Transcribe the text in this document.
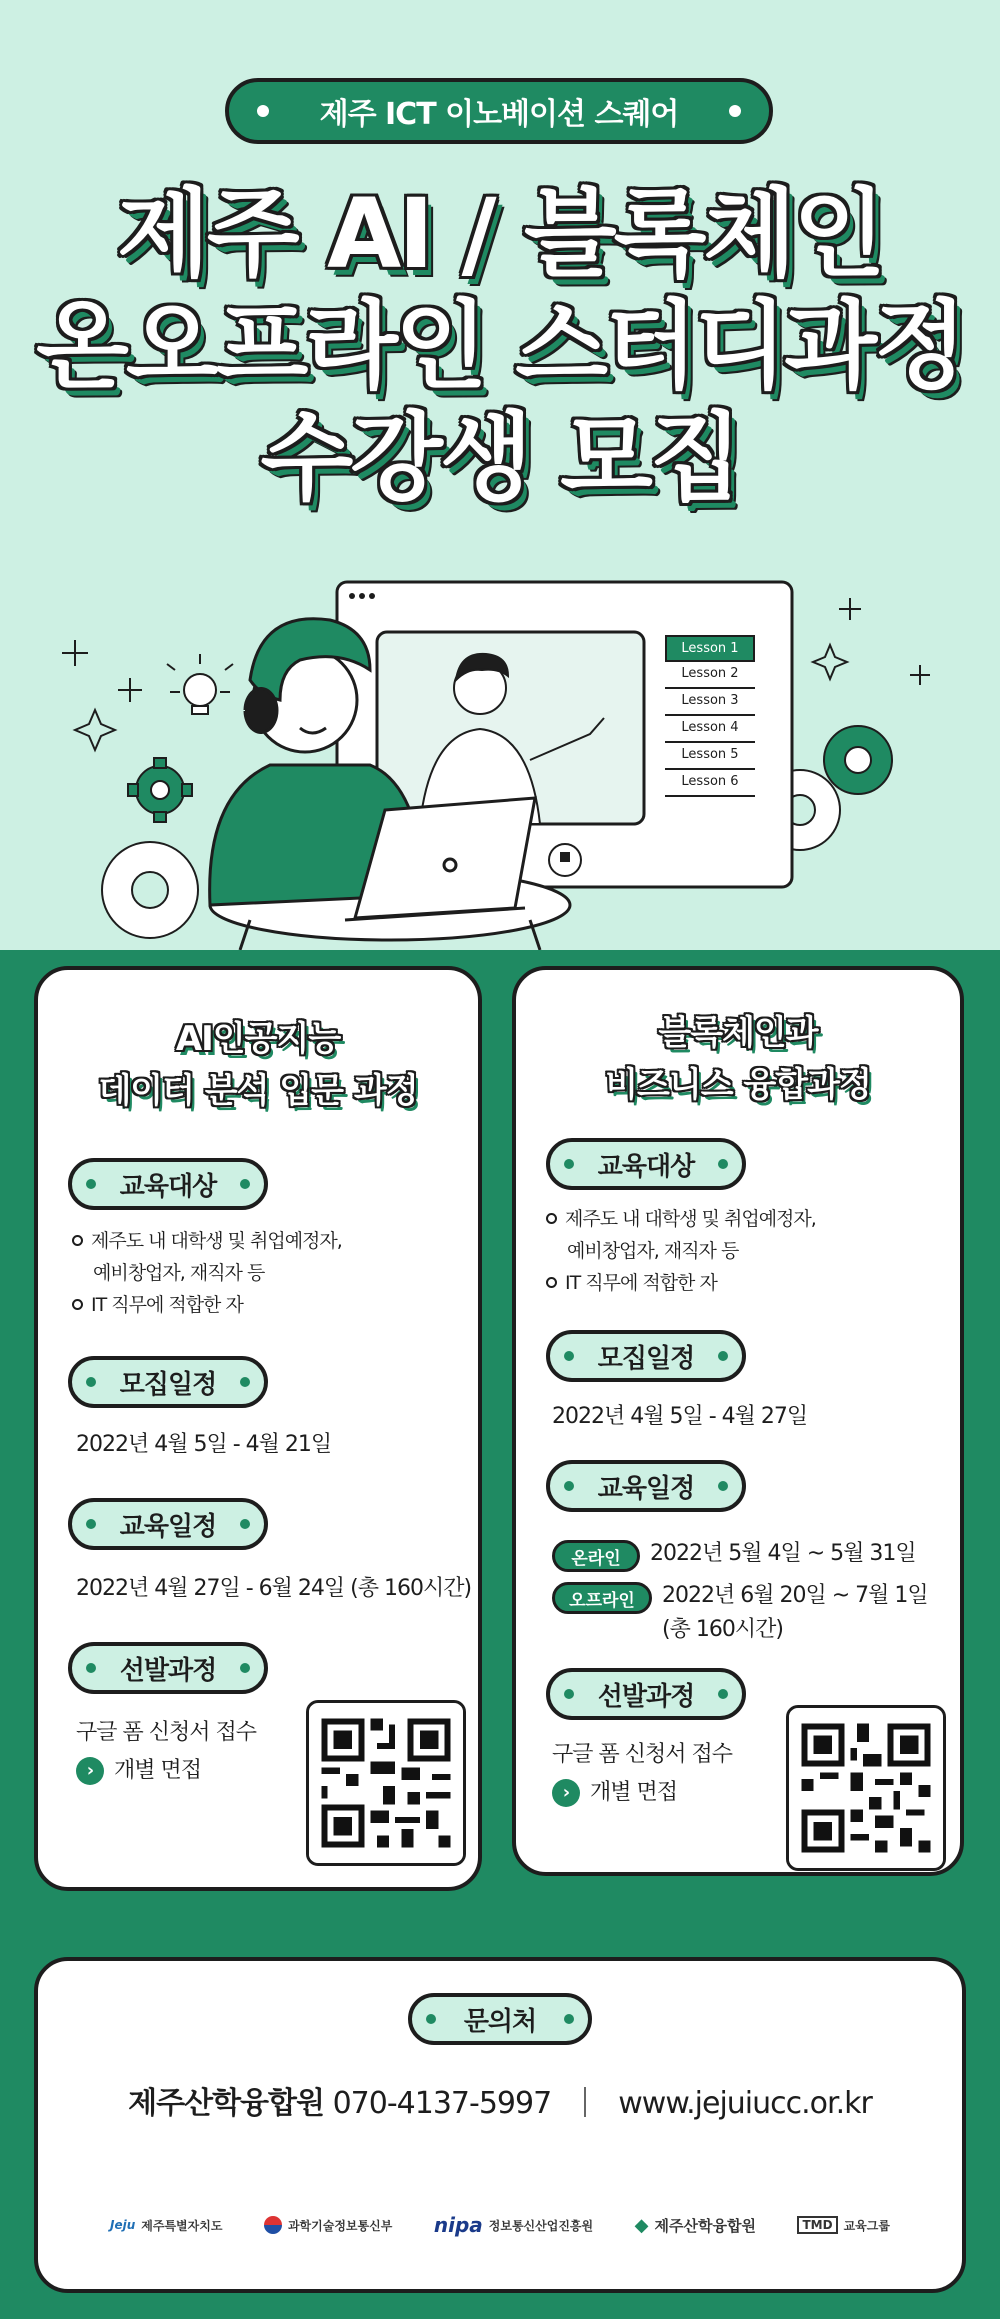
제주 ICT 이노베이션 스퀘어
제주 AI / 블록체인
온오프라인 스터디과정
수강생 모집
Lesson 1
Lesson 2
Lesson 3
Lesson 4
Lesson 5
Lesson 6
AI인공지능
데이터 분석 입문 과정
교육대상
제주도 내 대학생 및 취업예정자,
예비창업자, 재직자 등
IT 직무에 적합한 자
모집일정
2022년 4월 5일 - 4월 21일
교육일정
2022년 4월 27일 - 6월 24일 (총 160시간)
선발과정
구글 폼 신청서 접수
› 개별 면접
블록체인과
비즈니스 융합과정
교육대상
제주도 내 대학생 및 취업예정자,
예비창업자, 재직자 등
IT 직무에 적합한 자
모집일정
2022년 4월 5일 - 4월 27일
교육일정
온라인	2022년 5월 4일 ~ 5월 31일
오프라인	2022년 6월 20일 ~ 7월 1일
(총 160시간)
선발과정
구글 폼 신청서 접수
› 개별 면접
문의처
제주산학융합원 070-4137-5997 www.jejuiucc.or.kr
Jeju 제주특별자치도	과학기술정보통신부 nipa 정보통신산업진흥원 ◆ 제주산학융합원	TMD 교육그룹
